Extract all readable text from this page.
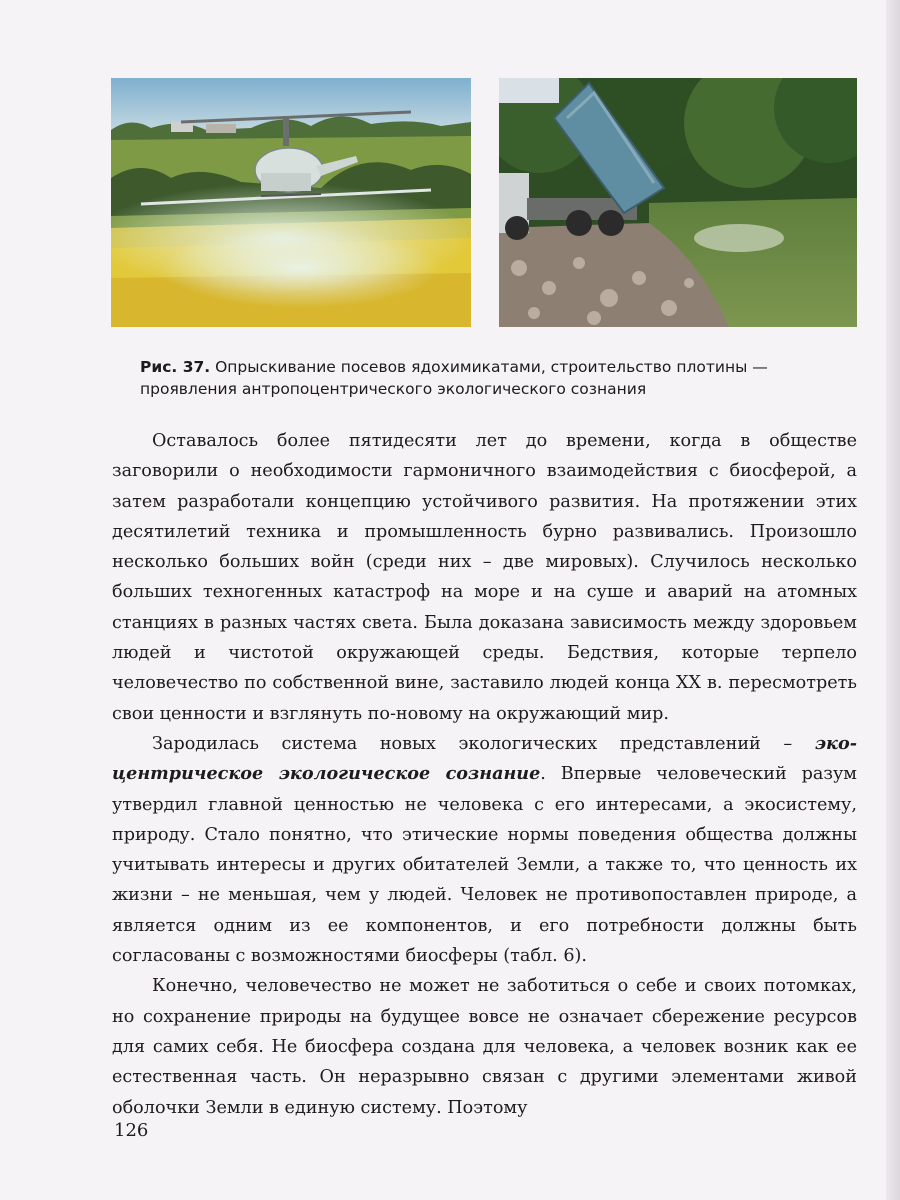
Рис. 37. Опрыскивание посевов ядохимикатами, строительство плотины — проявления антропоцентрического экологического сознания

Оставалось более пятидесяти лет до времени, когда в обществе заговорили о необходимости гармоничного взаимодействия с биосферой, а затем разработали концепцию устойчивого развития. На протяжении этих десятилетий техника и промышленность бурно развивались. Произошло несколько больших войн (среди них – две мировых). Случилось несколько больших техногенных катастроф на море и на суше и аварий на атомных станциях в разных частях света. Была доказана зависимость между здоровьем людей и чистотой окружающей среды. Бедствия, которые терпело человечество по собственной вине, заставило людей конца XX в. пересмотреть свои ценности и взглянуть по-новому на окружающий мир.

Зародилась система новых экологических представлений – экоцентрическое экологическое сознание. Впервые человеческий разум утвердил главной ценностью не человека с его интересами, а экосистему, природу. Стало понятно, что этические нормы поведения общества должны учитывать интересы и других обитателей Земли, а также то, что ценность их жизни – не меньшая, чем у людей. Человек не противопоставлен природе, а является одним из ее компонентов, и его потребности должны быть согласованы с возможностями биосферы (табл. 6).

Конечно, человечество не может не заботиться о себе и своих потомках, но сохранение природы на будущее вовсе не означает сбережение ресурсов для самих себя. Не биосфера создана для человека, а человек возник как ее естественная часть. Он неразрывно связан с другими элементами живой оболочки Земли в единую систему. Поэтому

126
